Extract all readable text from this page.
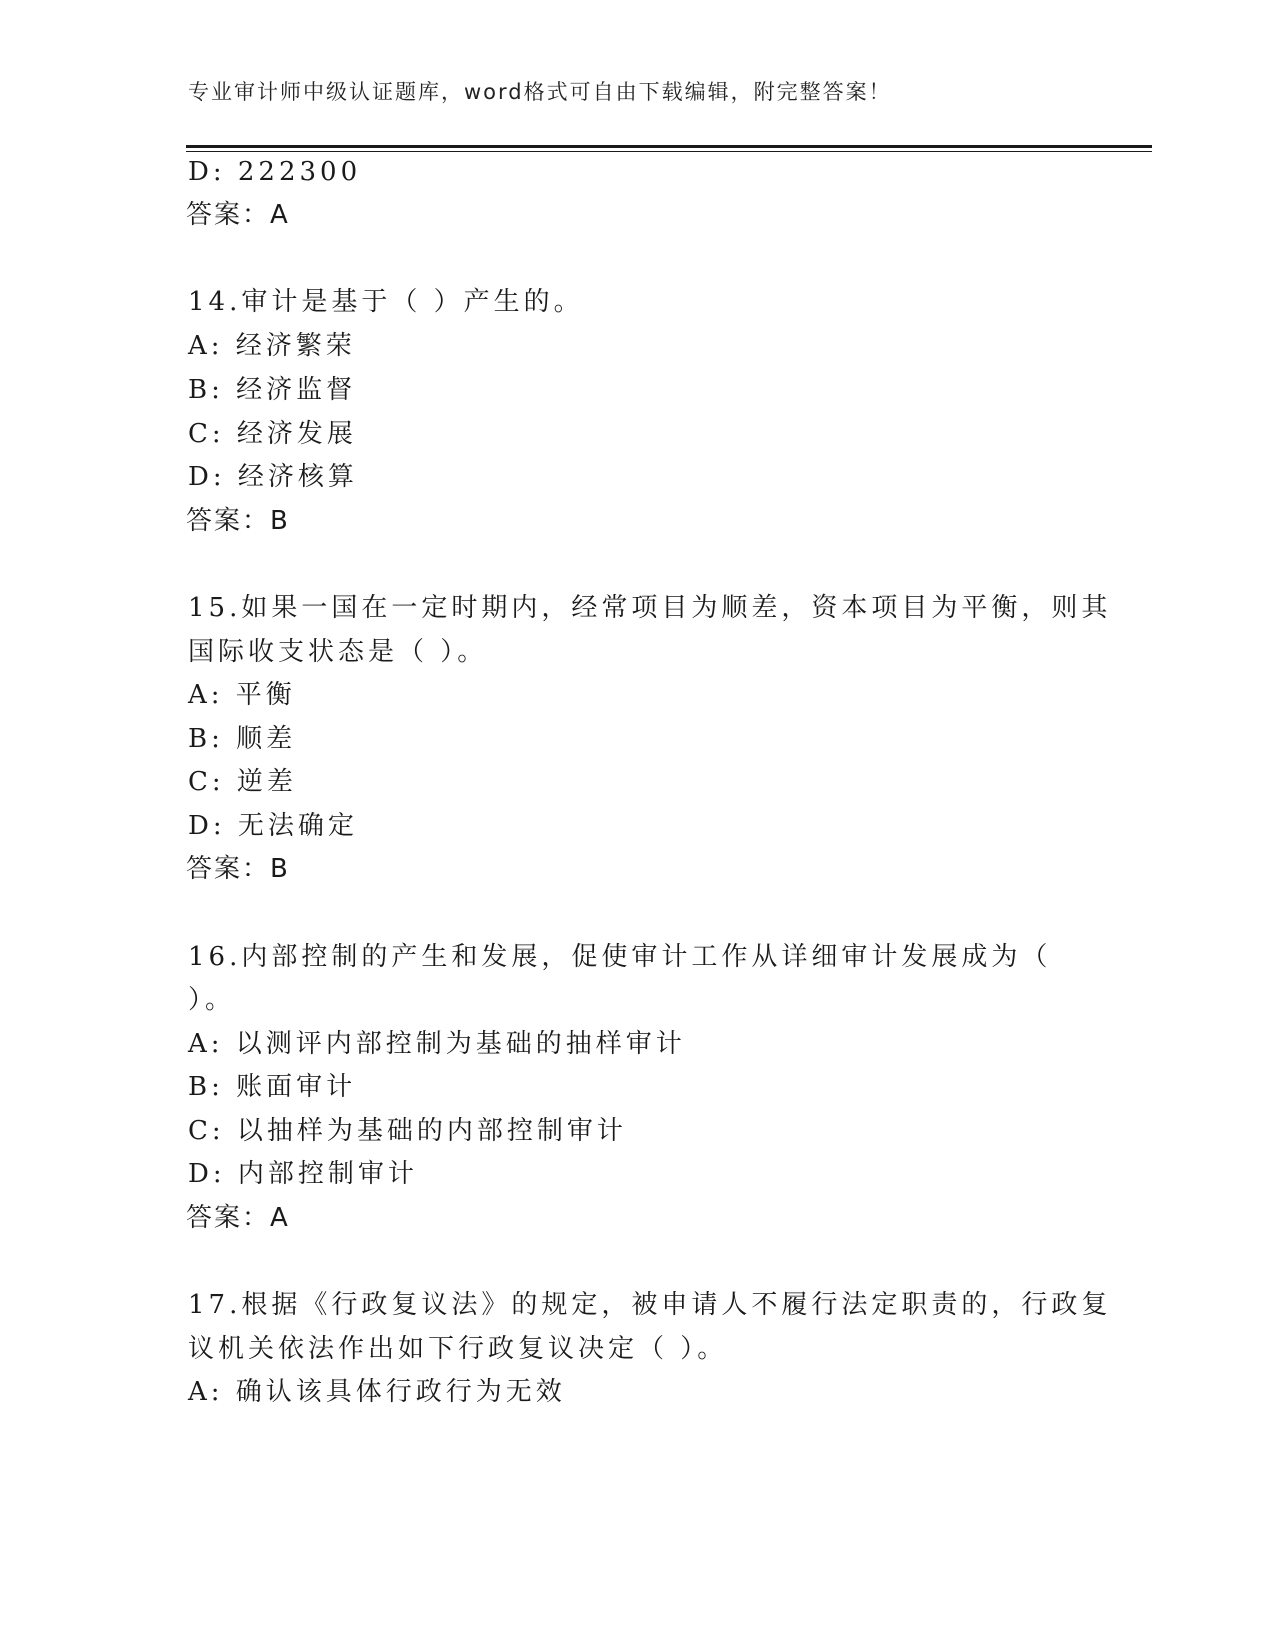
专业审计师中级认证题库，word格式可自由下载编辑，附完整答案！
D: 222300
答案：A
14.审计是基于（ ）产生的。
A: 经济繁荣
B: 经济监督
C: 经济发展
D: 经济核算
答案：B
15.如果一国在一定时期内，经常项目为顺差，资本项目为平衡，则其
国际收支状态是（ ）。
A: 平衡
B: 顺差
C: 逆差
D: 无法确定
答案：B
16.内部控制的产生和发展，促使审计工作从详细审计发展成为（
）。
A: 以测评内部控制为基础的抽样审计
B: 账面审计
C: 以抽样为基础的内部控制审计
D: 内部控制审计
答案：A
17.根据《行政复议法》的规定，被申请人不履行法定职责的，行政复
议机关依法作出如下行政复议决定（ ）。
A: 确认该具体行政行为无效
